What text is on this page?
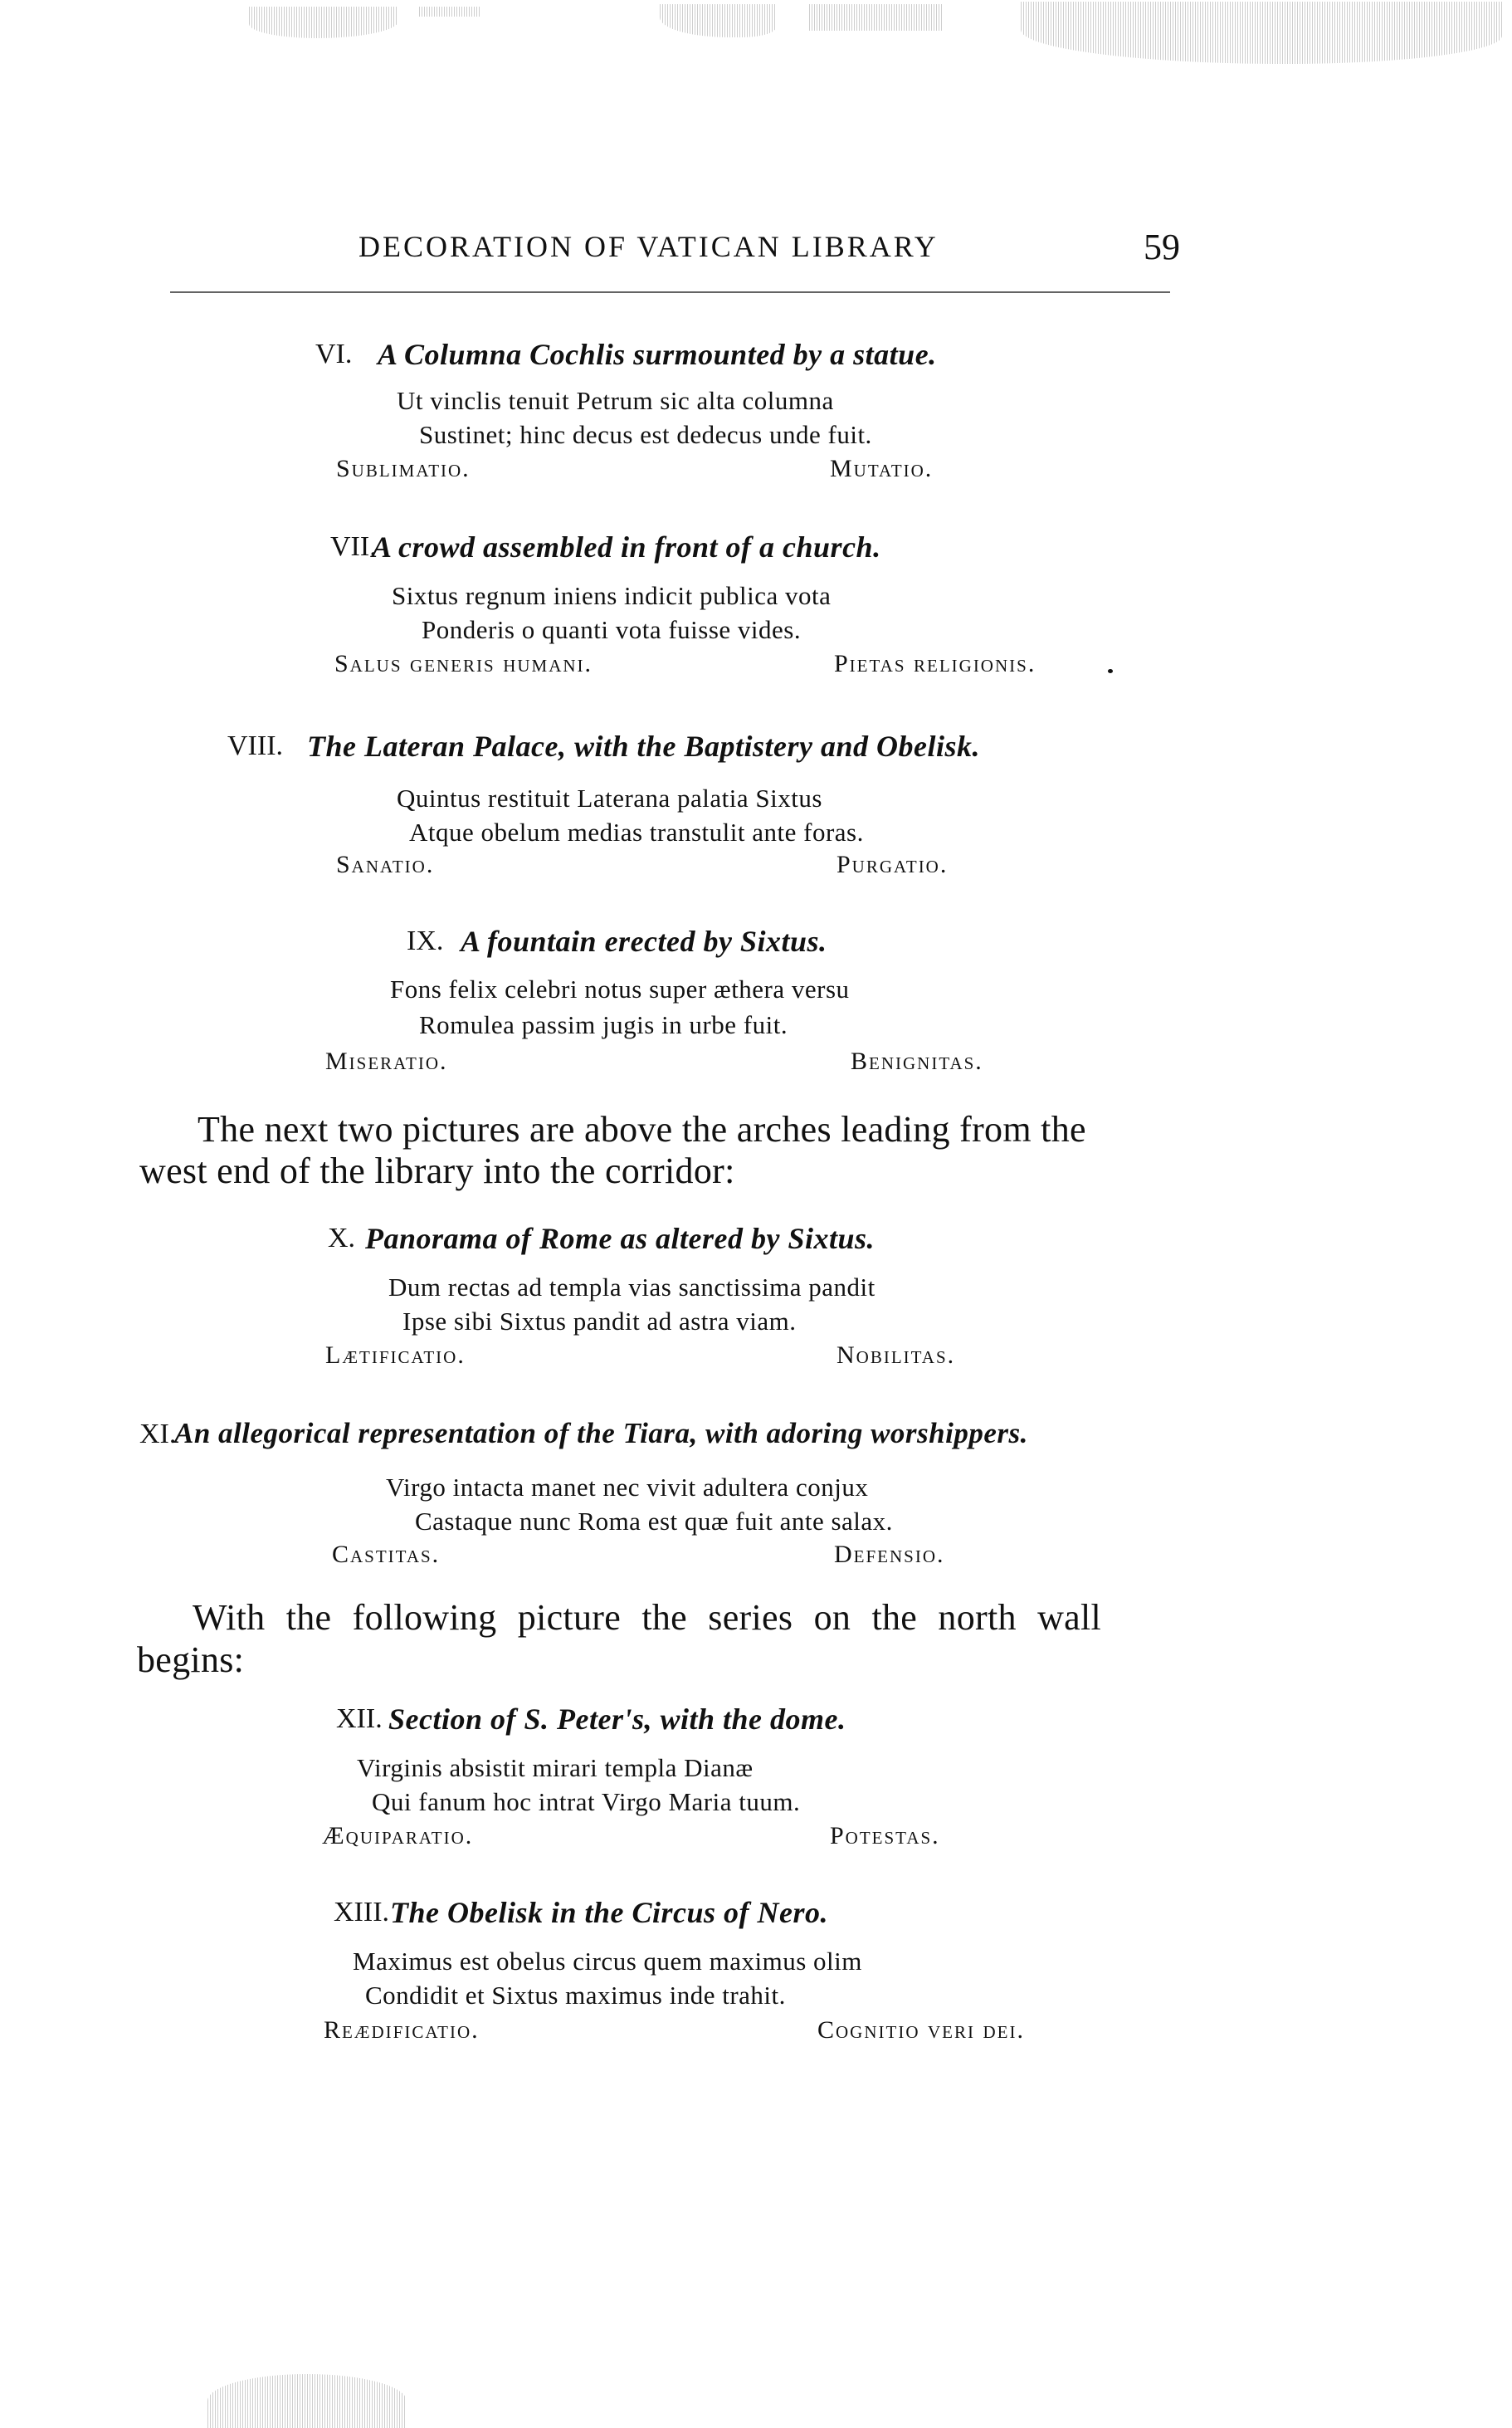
DECORATION OF VATICAN LIBRARY	59
VI. A Columna Cochlis surmounted by a statue.
Ut vinclis tenuit Petrum sic alta columna
Sustinet; hinc decus est dedecus unde fuit.
Sublimatio.	Mutatio.
VII.
A crowd assembled in front of a church.
Sixtus regnum iniens indicit publica vota
Ponderis o quanti vota fuisse vides.
Salus generis humani.	Pietas religionis.
VIII. The Lateran Palace, with the Baptistery and Obelisk.
Quintus restituit Laterana palatia Sixtus
Atque obelum medias transtulit ante foras.
Sanatio.	Purgatio.
IX. A fountain erected by Sixtus.
Fons felix celebri notus super æthera versu
Romulea passim jugis in urbe fuit.
Miseratio.	Benignitas.
The next two pictures are above the arches leading from the
west end of the library into the corridor:
X. Panorama of Rome as altered by Sixtus.
Dum rectas ad templa vias sanctissima pandit
Ipse sibi Sixtus pandit ad astra viam.
Lætificatio.	Nobilitas.
XI.
An allegorical representation of the Tiara, with adoring worshippers.
Virgo intacta manet nec vivit adultera conjux
Castaque nunc Roma est quæ fuit ante salax.
Castitas.	Defensio.
With the following picture the series on the north wall
begins:
XII. Section of S. Peter's, with the dome.
Virginis absistit mirari templa Dianæ
Qui fanum hoc intrat Virgo Maria tuum.
Æquiparatio.	Potestas.
XIII. The Obelisk in the Circus of Nero.
Maximus est obelus circus quem maximus olim
Condidit et Sixtus maximus inde trahit.
Reædificatio.	Cognitio veri dei.
